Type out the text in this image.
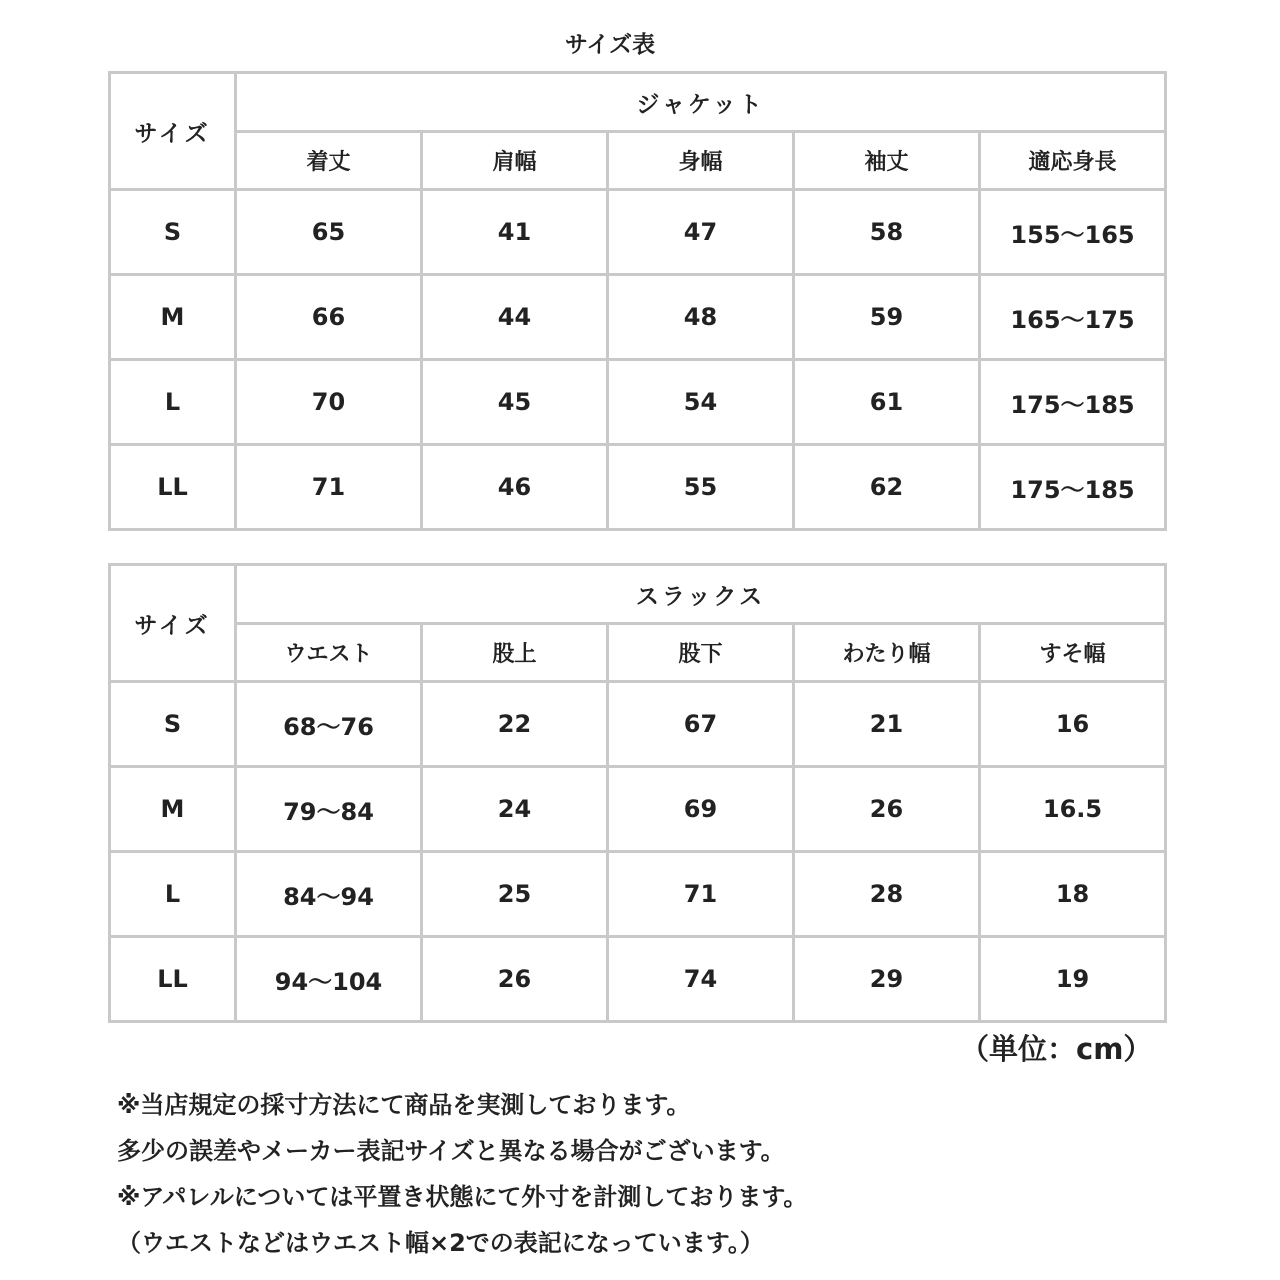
サイズ表
サイズ	ジャケット				
	着丈	肩幅	身幅	袖丈	適応身長
S	65	41	47	58	155～165
M	66	44	48	59	165～175
L	70	45	54	61	175～185
LL	71	46	55	62	175～185
サイズ	スラックス				
	ウエスト	股上	股下	わたり幅	すそ幅
S	68～76	22	67	21	16
M	79～84	24	69	26	16.5
L	84～94	25	71	28	18
LL	94～104	26	74	29	19
（単位：cm）
※当店規定の採寸方法にて商品を実測しております。
多少の誤差やメーカー表記サイズと異なる場合がございます。
※アパレルについては平置き状態にて外寸を計測しております。
（ウエストなどはウエスト幅×2での表記になっています。）
